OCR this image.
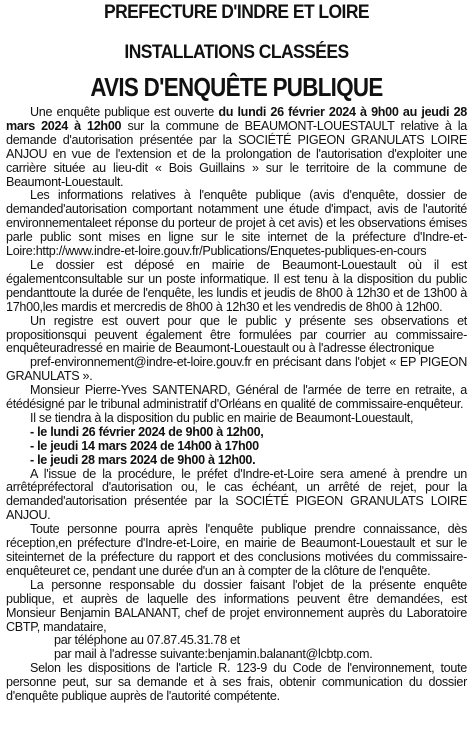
PREFECTURE D'INDRE ET LOIRE
INSTALLATIONS CLASSÉES
AVIS D'ENQUÊTE PUBLIQUE

Une enquête publique est ouverte du lundi 26 février 2024 à 9h00 au jeudi 28 mars 2024 à 12h00 sur la commune de BEAUMONT-LOUESTAULT relative à la demande d'autorisation présentée par la SOCIÉTÉ PIGEON GRANULATS LOIRE ANJOU en vue de l'extension et de la prolongation de l'autorisation d'exploiter une carrière située au lieu-dit « Bois Guillains » sur le territoire de la commune de Beaumont-Louestault.

Les informations relatives à l'enquête publique (avis d'enquête, dossier de demanded'autorisation comportant notamment une étude d'impact, avis de l'autorité environnementaleet réponse du porteur de projet à cet avis) et les observations émises parle public sont mises en ligne sur le site internet de la préfecture d'Indre-et-Loire:http://www.indre-et-loire.gouv.fr/Publications/Enquetes-publiques-en-cours

Le dossier est déposé en mairie de Beaumont-Louestault où il est égalementconsultable sur un poste informatique. Il est tenu à la disposition du public pendanttoute la durée de l'enquête, les lundis et jeudis de 8h00 à 12h30 et de 13h00 à 17h00,les mardis et mercredis de 8h00 à 12h30 et les vendredis de 8h00 à 12h00.

Un registre est ouvert pour que le public y présente ses observations et propositionsqui peuvent également être formulées par courrier au commissaire-enquêteuradressé en mairie de Beaumont-Louestault ou à l'adresse électronique

pref-environnement@indre-et-loire.gouv.fr en précisant dans l'objet « EP PIGEON GRANULATS ».

Monsieur Pierre-Yves SANTENARD, Général de l'armée de terre en retraite, a étédésigné par le tribunal administratif d'Orléans en qualité de commissaire-enquêteur.

Il se tiendra à la disposition du public en mairie de Beaumont-Louestault,

- le lundi 26 février 2024 de 9h00 à 12h00,

- le jeudi 14 mars 2024 de 14h00 à 17h00

- le jeudi 28 mars 2024 de 9h00 à 12h00.

A l'issue de la procédure, le préfet d'Indre-et-Loire sera amené à prendre un arrêtépréfectoral d'autorisation ou, le cas échéant, un arrêté de rejet, pour la demanded'autorisation présentée par la SOCIÉTÉ PIGEON GRANULATS LOIRE ANJOU.

Toute personne pourra après l'enquête publique prendre connaissance, dès réception,en préfecture d'Indre-et-Loire, en mairie de Beaumont-Louestault et sur le siteinternet de la préfecture du rapport et des conclusions motivées du commissaire-enquêteuret ce, pendant une durée d'un an à compter de la clôture de l'enquête.

La personne responsable du dossier faisant l'objet de la présente enquête publique, et auprès de laquelle des informations peuvent être demandées, est Monsieur Benjamin BALANANT, chef de projet environnement auprès du Laboratoire CBTP, mandataire,

par téléphone au 07.87.45.31.78 et

par mail à l'adresse suivante:benjamin.balanant@lcbtp.com.

Selon les dispositions de l'article R. 123-9 du Code de l'environnement, toute personne peut, sur sa demande et à ses frais, obtenir communication du dossier d'enquête publique auprès de l'autorité compétente.
